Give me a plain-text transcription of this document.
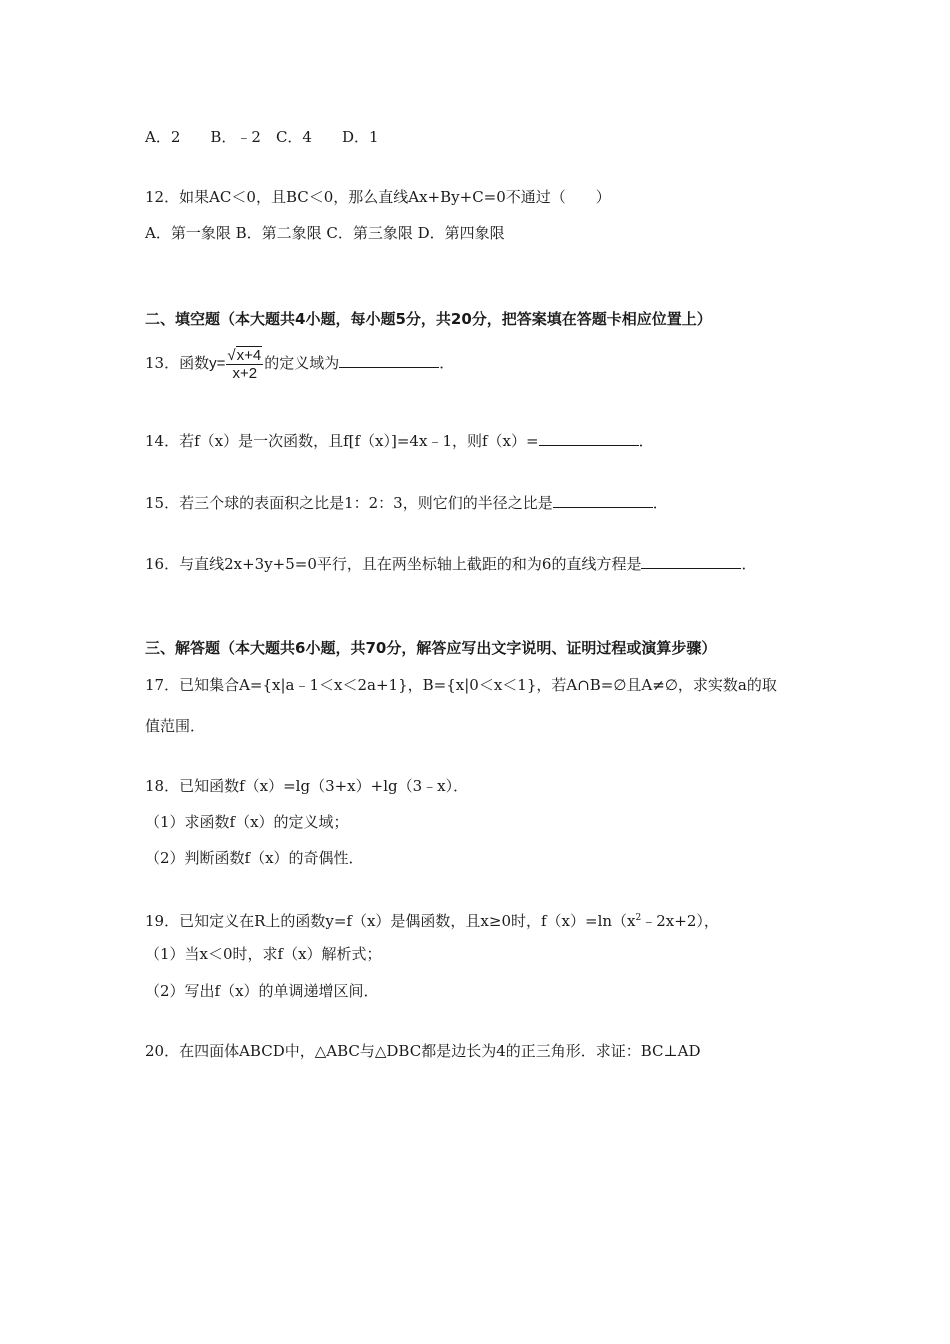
A．2　　B．﹣2　C．4　　D．1
12．如果AC＜0，且BC＜0，那么直线Ax+By+C=0不通过（　　）
A．第一象限 B．第二象限 C．第三象限 D．第四象限
二、填空题（本大题共4小题，每小题5分，共20分，把答案填在答题卡相应位置上）
13．函数$y= \frac{√x+4}{x+2}$ 的定义域为	．
14．若f（x）是一次函数，且f[f（x）]=4x﹣1，则f（x）=	．
15．若三个球的表面积之比是1：2：3，则它们的半径之比是	．
16．与直线2x+3y+5=0平行，且在两坐标轴上截距的和为6的直线方程是	．
三、解答题（本大题共6小题，共70分，解答应写出文字说明、证明过程或演算步骤）
17．已知集合A={x|a﹣1＜x＜2a+1}，B={x|0＜x＜1}，若A∩B=∅且A≠∅，求实数a的取
值范围．
18．已知函数f（x）=lg（3+x）+lg（3﹣x）．
（1）求函数f（x）的定义域；
（2）判断函数f（x）的奇偶性．
19．已知定义在R上的函数y=f（x）是偶函数，且x≥0时，$f(x)=\ln(x^2﹣2x+2)$，
（1）当x＜0时，求f（x）解析式；
（2）写出f（x）的单调递增区间．
20．在四面体ABCD中，△ABC与△DBC都是边长为4的正三角形．求证：BC⊥AD
